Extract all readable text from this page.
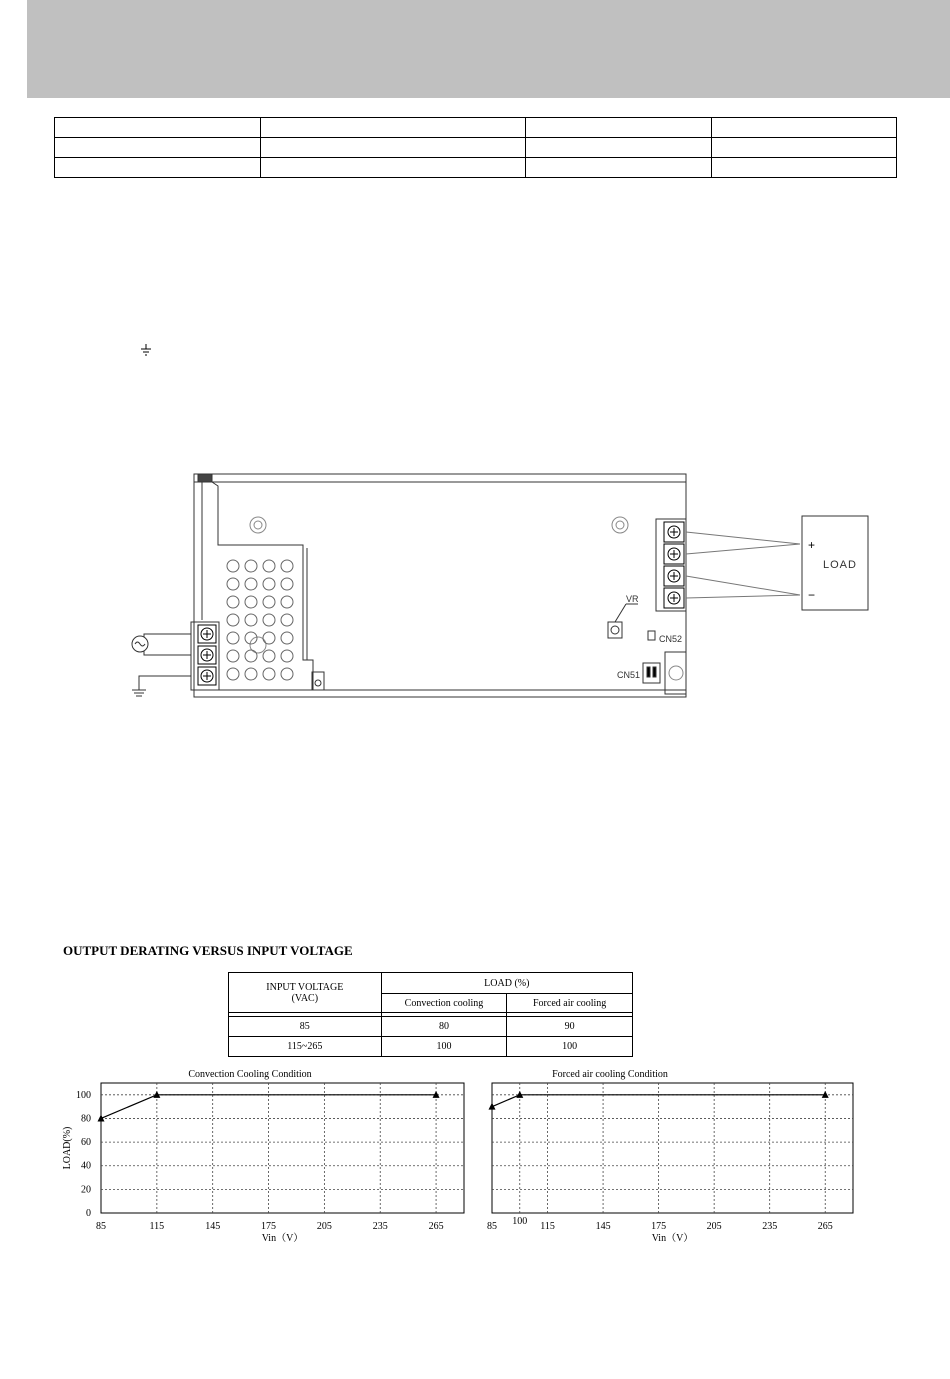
+
−
LOAD
VR
CN52
CN51
OUTPUT DERATING VERSUS INPUT VOLTAGE
INPUT VOLTAGE
(VAC)	LOAD (%)	
	Convection cooling	Forced air cooling

85	80	90
115~265	100	100
0
20
40
60
80
100
85	115	145	175	205	235	265
Convection Cooling Condition
Vin（V）
LOAD(%)
85 100 115	145	175	205	235	265
Forced air cooling Condition
Vin（V）
